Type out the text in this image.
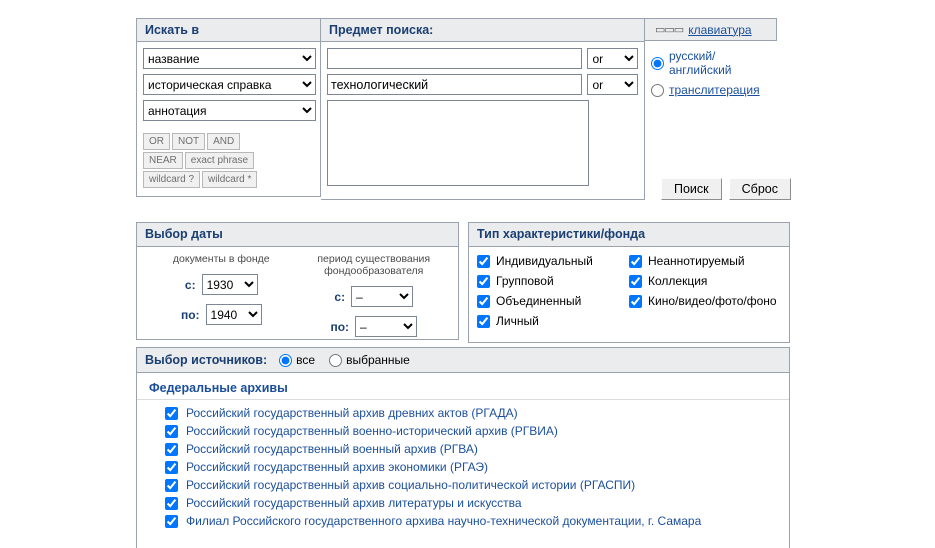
Искать в
название
историческая справка
аннотация
OR	NOT	AND
NEAR	exact phrase
wildcard ?	wildcard *
Предмет поиска:
or
технологический
or	▭▭▭ клавиатура
русский/английский
транслитерация
Поиск	Сброс
Выбор даты
документы в фонде
с:
1930
по:
1940
период существования фондообразователя
с:
–
по:
–
Тип характеристики/фонда
Индивидуальный
Групповой
Объединенный
Личный
Неаннотируемый
Коллекция
Кино/видео/фото/фоно
Выбор источников: все	выбранные
Федеральные архивы
Российский государственный архив древних актов (РГАДА)
Российский государственный военно-исторический архив (РГВИА)
Российский государственный военный архив (РГВА)
Российский государственный архив экономики (РГАЭ)
Российский государственный архив социально-политической истории (РГАСПИ)
Российский государственный архив литературы и искусства
Филиал Российского государственного архива научно-технической документации, г. Самара
